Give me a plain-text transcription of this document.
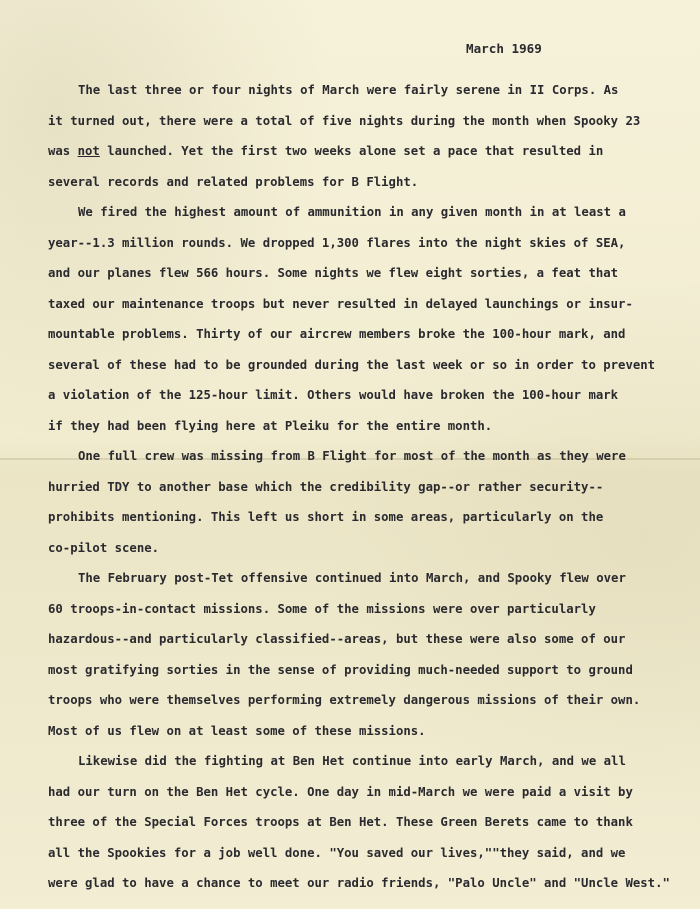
March 1969
The last three or four nights of March were fairly serene in II Corps. As
it turned out, there were a total of five nights during the month when Spooky 23
was not launched. Yet the first two weeks alone set a pace that resulted in
several records and related problems for B Flight.
We fired the highest amount of ammunition in any given month in at least a
year--1.3 million rounds. We dropped 1,300 flares into the night skies of SEA,
and our planes flew 566 hours. Some nights we flew eight sorties, a feat that
taxed our maintenance troops but never resulted in delayed launchings or insur-
mountable problems. Thirty of our aircrew members broke the 100-hour mark, and
several of these had to be grounded during the last week or so in order to prevent
a violation of the 125-hour limit. Others would have broken the 100-hour mark
if they had been flying here at Pleiku for the entire month.
One full crew was missing from B Flight for most of the month as they were
hurried TDY to another base which the credibility gap--or rather security--
prohibits mentioning. This left us short in some areas, particularly on the
co-pilot scene.
The February post-Tet offensive continued into March, and Spooky flew over
60 troops-in-contact missions. Some of the missions were over particularly
hazardous--and particularly classified--areas, but these were also some of our
most gratifying sorties in the sense of providing much-needed support to ground
troops who were themselves performing extremely dangerous missions of their own.
Most of us flew on at least some of these missions.
Likewise did the fighting at Ben Het continue into early March, and we all
had our turn on the Ben Het cycle. One day in mid-March we were paid a visit by
three of the Special Forces troops at Ben Het. These Green Berets came to thank
all the Spookies for a job well done. "You saved our lives,""they said, and we
were glad to have a chance to meet our radio friends, "Palo Uncle" and "Uncle West."
